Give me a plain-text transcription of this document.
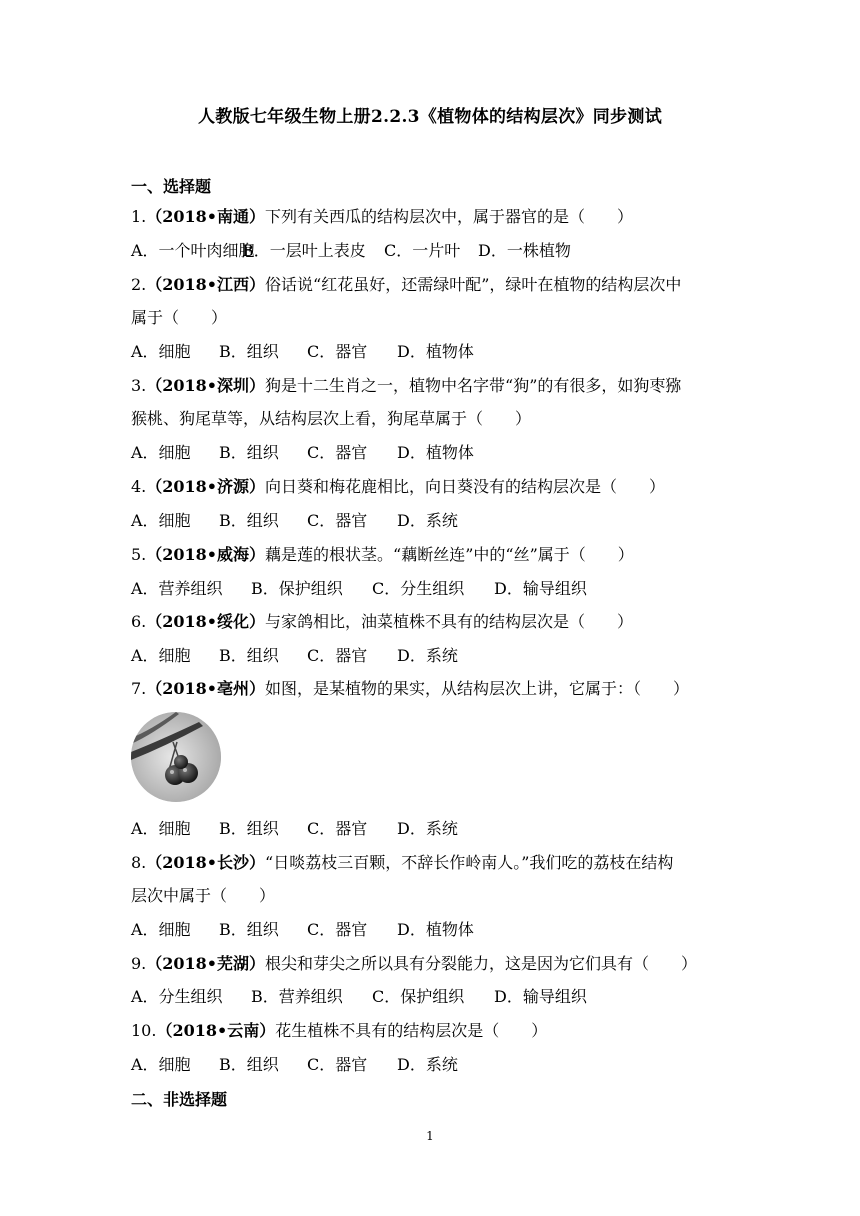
人教版七年级生物上册2.2.3《植物体的结构层次》同步测试
一、选择题
1.（2018•南通）下列有关西瓜的结构层次中，属于器官的是（　　）
A．一个叶肉细胞B．一层叶上表皮 C．一片叶 D．一株植物
2.（2018•江西）俗话说“红花虽好，还需绿叶配”，绿叶在植物的结构层次中
属于（　　）
A．细胞 B．组织 C．器官 D．植物体
3.（2018•深圳）狗是十二生肖之一，植物中名字带“狗”的有很多，如狗枣猕
猴桃、狗尾草等，从结构层次上看，狗尾草属于（　　）
A．细胞 B．组织 C．器官 D．植物体
4.（2018•济源）向日葵和梅花鹿相比，向日葵没有的结构层次是（　　）
A．细胞 B．组织 C．器官 D．系统
5.（2018•威海）藕是莲的根状茎。“藕断丝连”中的“丝”属于（　　）
A．营养组织 B．保护组织 C．分生组织 D．输导组织
6.（2018•绥化）与家鸽相比，油菜植株不具有的结构层次是（　　）
A．细胞 B．组织 C．器官 D．系统
7.（2018•亳州）如图，是某植物的果实，从结构层次上讲，它属于：（　　）
A．细胞 B．组织 C．器官 D．系统
8.（2018•长沙）“日啖荔枝三百颗，不辞长作岭南人。”我们吃的荔枝在结构
层次中属于（　　）
A．细胞 B．组织 C．器官 D．植物体
9.（2018•芜湖）根尖和芽尖之所以具有分裂能力，这是因为它们具有（　　）
A．分生组织 B．营养组织 C．保护组织 D．输导组织
10.（2018•云南）花生植株不具有的结构层次是（　　）
A．细胞 B．组织 C．器官 D．系统
二、非选择题
1
